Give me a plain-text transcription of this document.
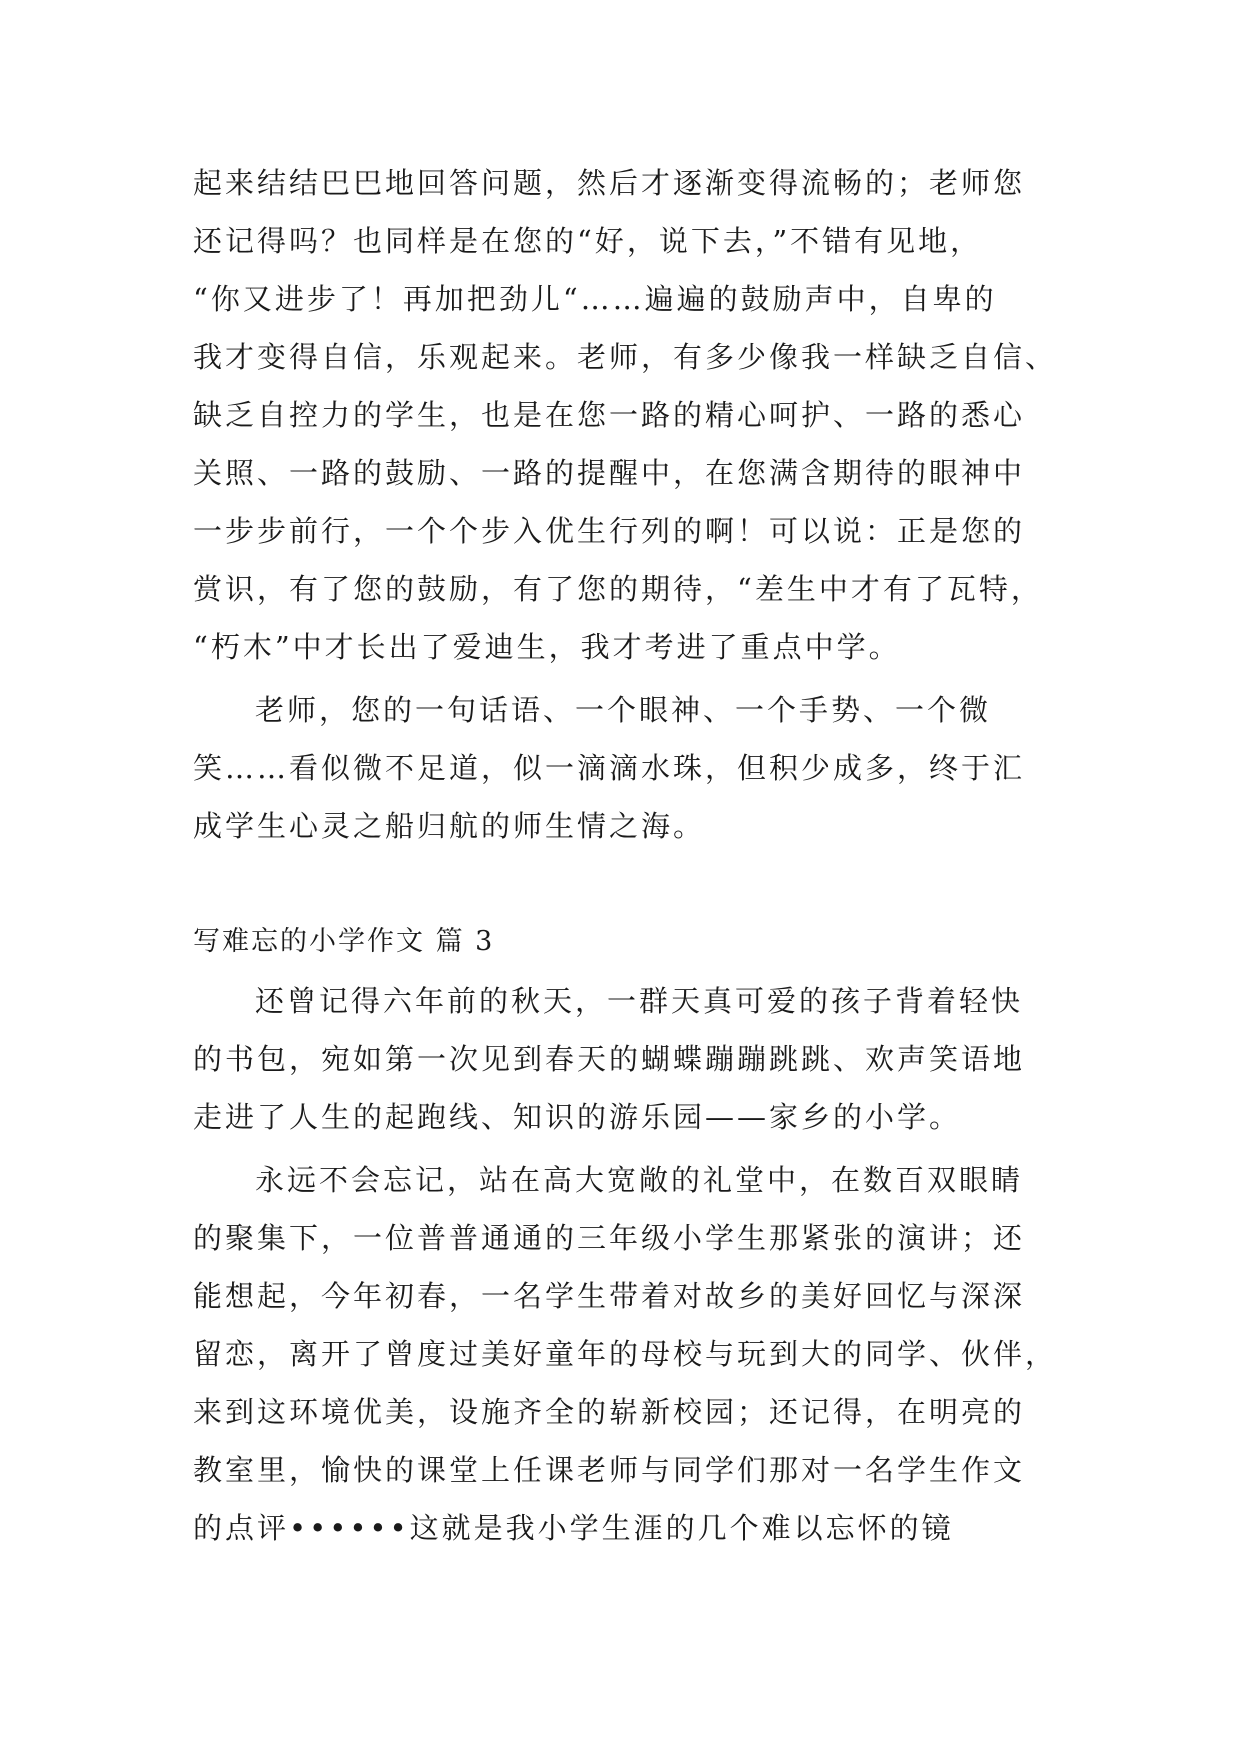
起来结结巴巴地回答问题，然后才逐渐变得流畅的；老师您
还记得吗？也同样是在您的“好，说下去，”不错有见地，
“你又进步了！再加把劲儿“……遍遍的鼓励声中，自卑的
我才变得自信，乐观起来。老师，有多少像我一样缺乏自信、
缺乏自控力的学生，也是在您一路的精心呵护、一路的悉心
关照、一路的鼓励、一路的提醒中，在您满含期待的眼神中
一步步前行，一个个步入优生行列的啊！可以说：正是您的
赏识，有了您的鼓励，有了您的期待，“差生中才有了瓦特，
“朽木”中才长出了爱迪生，我才考进了重点中学。
老师，您的一句话语、一个眼神、一个手势、一个微
笑……看似微不足道，似一滴滴水珠，但积少成多，终于汇
成学生心灵之船归航的师生情之海。
写难忘的小学作文 篇 3
还曾记得六年前的秋天，一群天真可爱的孩子背着轻快
的书包，宛如第一次见到春天的蝴蝶蹦蹦跳跳、欢声笑语地
走进了人生的起跑线、知识的游乐园——家乡的小学。
永远不会忘记，站在高大宽敞的礼堂中，在数百双眼睛
的聚集下，一位普普通通的三年级小学生那紧张的演讲；还
能想起，今年初春，一名学生带着对故乡的美好回忆与深深
留恋，离开了曾度过美好童年的母校与玩到大的同学、伙伴，
来到这环境优美，设施齐全的崭新校园；还记得，在明亮的
教室里，愉快的课堂上任课老师与同学们那对一名学生作文
的点评••••••这就是我小学生涯的几个难以忘怀的镜
